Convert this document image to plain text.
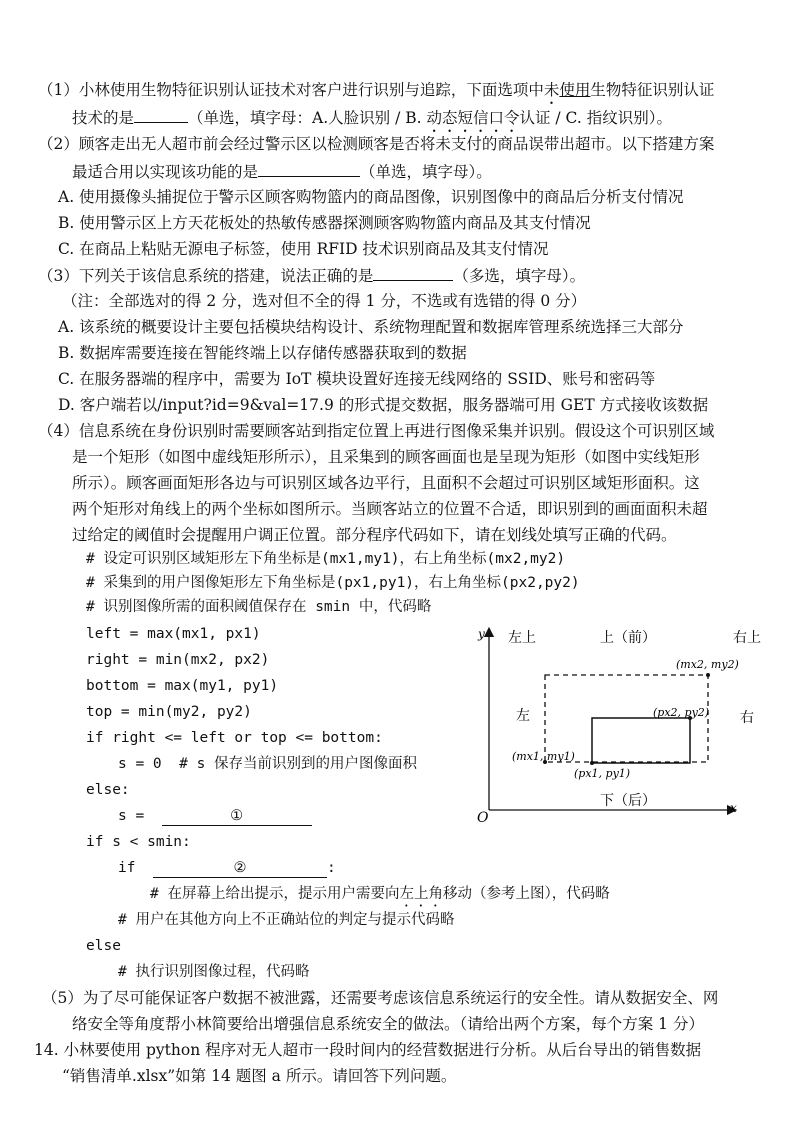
（1）小林使用生物特征识别认证技术对客户进行识别与追踪，下面选项中未使用生物特征识别认证
技术的是	（单选，填字母：A.人脸识别 / B. 动态短信口令认证 / C. 指纹识别）。
（2）顾客走出无人超市前会经过警示区以检测顾客是否将未支付的商品误带出超市。以下搭建方案
最适合用以实现该功能的是	（单选，填字母）。
A. 使用摄像头捕捉位于警示区顾客购物篮内的商品图像，识别图像中的商品后分析支付情况
B. 使用警示区上方天花板处的热敏传感器探测顾客购物篮内商品及其支付情况
C. 在商品上粘贴无源电子标签，使用 RFID 技术识别商品及其支付情况
（3）下列关于该信息系统的搭建，说法正确的是	（多选，填字母）。
（注：全部选对的得 2 分，选对但不全的得 1 分，不选或有选错的得 0 分）
A. 该系统的概要设计主要包括模块结构设计、系统物理配置和数据库管理系统选择三大部分
B. 数据库需要连接在智能终端上以存储传感器获取到的数据
C. 在服务器端的程序中，需要为 IoT 模块设置好连接无线网络的 SSID、账号和密码等
D. 客户端若以/input?id=9&val=17.9 的形式提交数据，服务器端可用 GET 方式接收该数据
（4）信息系统在身份识别时需要顾客站到指定位置上再进行图像采集并识别。假设这个可识别区域
是一个矩形（如图中虚线矩形所示），且采集到的顾客画面也是呈现为矩形（如图中实线矩形
所示）。顾客画面矩形各边与可识别区域各边平行，且面积不会超过可识别区域矩形面积。这
两个矩形对角线上的两个坐标如图所示。当顾客站立的位置不合适，即识别到的画面面积未超
过给定的阈值时会提醒用户调正位置。部分程序代码如下，请在划线处填写正确的代码。
# 设定可识别区域矩形左下角坐标是(mx1,my1)，右上角坐标(mx2,my2)
# 采集到的用户图像矩形左下角坐标是(px1,py1)，右上角坐标(px2,py2)
# 识别图像所需的面积阈值保存在 smin 中，代码略
left = max(mx1, px1)
right = min(mx2, px2)
bottom = max(my1, py1)
top = min(my2, py2)
if right <= left or top <= bottom:
s = 0 # s 保存当前识别到的用户图像面积
else:
s =	①
if s < smin:
if	②	:
# 在屏幕上给出提示，提示用户需要向左上角移动（参考上图），代码略
# 用户在其他方向上不正确站位的判定与提示代码略
else
# 执行识别图像过程，代码略
y
x
O
左上	上（前）	右上
左	右
下（后）
(mx2, my2)
(px2, py2)
(mx1, my1)
(px1, py1)
（5）为了尽可能保证客户数据不被泄露，还需要考虑该信息系统运行的安全性。请从数据安全、网
络安全等角度帮小林简要给出增强信息系统安全的做法。（请给出两个方案，每个方案 1 分）
14. 小林要使用 python 程序对无人超市一段时间内的经营数据进行分析。从后台导出的销售数据
“销售清单.xlsx”如第 14 题图 a 所示。请回答下列问题。
